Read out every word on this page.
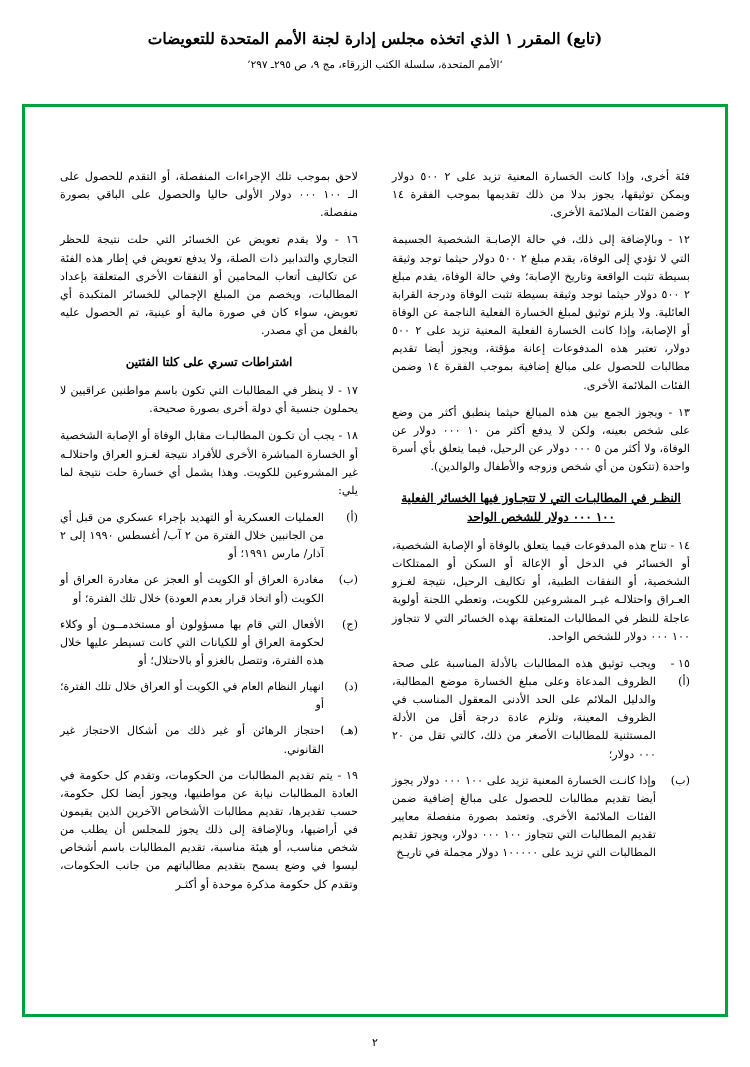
(تابع) المقرر ١ الذي اتخذه مجلس إدارة لجنة الأمم المتحدة للتعويضات
‘الأمم المتحدة، سلسلة الكتب الزرقاء، مج ٩، ص ٢٩٥ـ ٢٩٧’

فئة أخرى، وإذا كانت الخسارة المعنية تزيد على ٢ ٥٠٠ دولار ويمكن توثيقها، يجوز بدلا من ذلك تقديمها بموجب الفقرة ١٤ وضمن الفئات الملائمة الأخرى.

١٢ - وبالإضافة إلى ذلك، في حالة الإصابـة الشخصية الجسيمة التي لا تؤدي إلى الوفاة، يقدم مبلغ ٢ ٥٠٠ دولار حيثما توجد وثيقة بسيطة تثبت الواقعة وتاريخ الإصابة؛ وفي حالة الوفاة، يقدم مبلغ ٢ ٥٠٠ دولار حيثما توجد وثيقة بسيطة تثبت الوفاة ودرجة القرابة العائلية. ولا يلزم توثيق لمبلغ الخسارة الفعلية الناجمة عن الوفاة أو الإصابة، وإذا كانت الخسارة الفعلية المعنية تزيد على ٢ ٥٠٠ دولار، تعتبر هذه المدفوعات إعانة مؤقتة، ويجوز أيضا تقديم مطالبات للحصول على مبالغ إضافية بموجب الفقرة ١٤ وضمن الفئات الملائمة الأخرى.

١٣ - ويجوز الجمع بين هذه المبالغ حيثما ينطبق أكثر من وضع على شخص بعينه، ولكن لا يدفع أكثر من ١٠ ٠٠٠ دولار عن الوفاة، ولا أكثر من ٥ ٠٠٠ دولار عن الرحيل، فيما يتعلق بأي أسرة واحدة (تتكون من أي شخص وزوجه والأطفال والوالدين).

النظـر في المطالبـات التي لا تتجـاوز فيها الخسائر الفعلية ١٠٠ ٠٠٠ دولار للشخص الواحد

١٤ - تتاح هذه المدفوعات فيما يتعلق بالوفاة أو الإصابة الشخصية، أو الخسائر في الدخل أو الإعالة أو السكن أو الممتلكات الشخصية، أو النفقات الطبية، أو تكاليف الرحيل، نتيجة لغـزو العـراق واحتلالـه غيـر المشروعين للكويت، وتعطي اللجنة أولوية عاجلة للنظر في المطالبات المتعلقة بهذه الخسائر التي لا تتجاوز ١٠٠ ٠٠٠ دولار للشخص الواحد.

١٥ - (أ)
ويجب توثيق هذه المطالبات بالأدلة المناسبة على صحة الظروف المدعاة وعلى مبلغ الخسارة موضع المطالبة، والدليل الملائم على الحد الأدنى المعقول المناسب في الظروف المعينة، وتلزم عادة درجة أقل من الأدلة المستثنية للمطالبات الأصغر من ذلك، كالتي تقل من ٢٠ ٠٠٠ دولار؛
(ب)
وإذا كانـت الخسارة المعنية تزيد على ١٠٠ ٠٠٠ دولار يجوز أيضا تقديم مطالبات للحصول على مبالغ إضافية ضمن الفئات الملائمة الأخرى. وتعتمد بصورة منفصلة معايير تقديم المطالبات التي تتجاوز ١٠٠ ٠٠٠ دولار، ويجوز تقديم المطالبات التي تزيد على ١٠٠٠٠٠ دولار مجملة في تاريـخ

لاحق بموجب تلك الإجراءات المنفصلة، أو التقدم للحصول على الـ ١٠٠ ٠٠٠ دولار الأولى حاليا والحصول على الباقي بصورة منفصلة.

١٦ - ولا يقدم تعويض عن الخسائر التي حلت نتيجة للحظر التجاري والتدابير ذات الصلة، ولا يدفع تعويض في إطار هذه الفئة عن تكاليف أتعاب المحامين أو النفقات الأخرى المتعلقة بإعداد المطالبات، ويخصم من المبلغ الإجمالي للخسائر المتكبدة أي تعويض، سواء كان في صورة مالية أو عينية، تم الحصول عليه بالفعل من أي مصدر.

اشتراطات تسري على كلتا الفئتين

١٧ - لا ينظر في المطالبات التي تكون باسم مواطنين عراقيين لا يحملون جنسية أي دولة أخرى بصورة صحيحة.

١٨ - يجب أن تكـون المطالبـات مقابل الوفاة أو الإصابة الشخصية أو الخسارة المباشرة الأخرى للأفراد نتيجة لغـزو العراق واحتلالـه غير المشروعين للكويت. وهذا يشمل أي خسارة حلت نتيجة لما يلي:

(أ)
العمليات العسكرية أو التهديد بإجراء عسكري من قبل أي من الجانبين خلال الفترة من ٢ آب/ أغسطس ١٩٩٠ إلى ٢ آذار/ مارس ١٩٩١؛ أو
(ب)
مغادرة العراق أو الكويت أو العجز عن مغادرة العراق أو الكويت (أو اتخاذ قرار بعدم العودة) خلال تلك الفترة؛ أو
(ج)
الأفعال التي قام بها مسؤولون أو مستخدمــون أو وكلاء لحكومة العراق أو للكيانات التي كانت تسيطر عليها خلال هذه الفترة، وتتصل بالغزو أو بالاحتلال؛ أو
(د)
انهيار النظام العام في الكويت أو العراق خلال تلك الفترة؛ أو
(هـ)
احتجاز الرهائن أو غير ذلك من أشكال الاحتجاز غير القانوني.

١٩ - يتم تقديم المطالبات من الحكومات، وتقدم كل حكومة في العادة المطالبات نيابة عن مواطنيها، ويجوز أيضا لكل حكومة، حسب تقديرها، تقديم مطالبات الأشخاص الآخرين الذين يقيمون في أراضيها، وبالإضافة إلى ذلك يجوز للمجلس أن يطلب من شخص مناسب، أو هيئة مناسبة، تقديم المطالبات باسم أشخاص ليسوا في وضع يسمح بتقديم مطالباتهم من جانب الحكومات، وتقدم كل حكومة مذكرة موحدة أو أكثـر

٢
